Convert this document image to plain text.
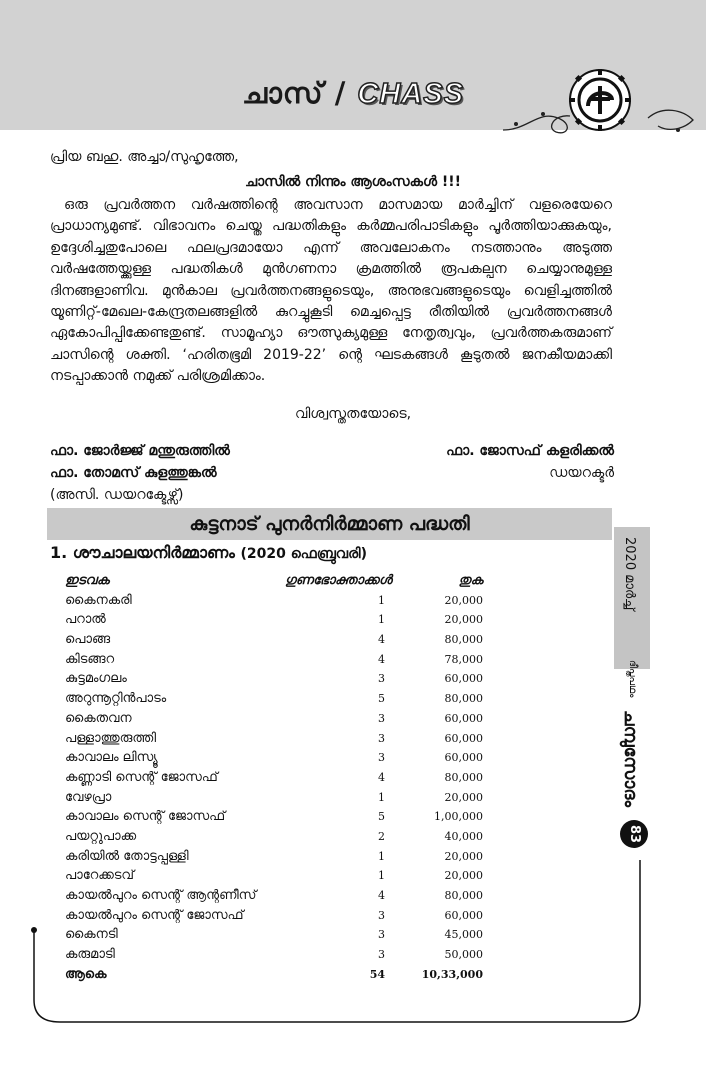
ചാസ് / CHASS
പ്രിയ ബഹു. അച്ചാ/സുഹൃത്തേ,
ചാസിൽ നിന്നും ആശംസകൾ !!!
ഒരു പ്രവർത്തന വർഷത്തിന്റെ അവസാന മാസമായ മാർച്ചിന് വളരെയേറെ പ്രാധാന്യമുണ്ട്. വിഭാവനം ചെയ്ത പദ്ധതികളും കർമ്മപരിപാടികളും പൂർത്തിയാക്കുകയും, ഉദ്ദേശിച്ചതുപോലെ ഫലപ്രദമായോ എന്ന് അവലോകനം നടത്താനും അടുത്ത വർഷത്തേയ്ക്കുള്ള പദ്ധതികൾ മുൻഗണനാ ക്രമത്തിൽ രൂപകല്പന ചെയ്യാനുമുള്ള ദിനങ്ങളാണിവ. മുൻകാല പ്രവർത്തനങ്ങളുടെയും, അനുഭവങ്ങളുടെയും വെളിച്ചത്തിൽ യൂണിറ്റ്-മേഖല-കേന്ദ്രതലങ്ങളിൽ കുറച്ചുകൂടി മെച്ചപ്പെട്ട രീതിയിൽ പ്രവർത്തനങ്ങൾ ഏകോപിപ്പിക്കേണ്ടതുണ്ട്. സാമൂഹ്യാ ഔത്സുക്യമുള്ള നേതൃത്വവും, പ്രവർത്തകരുമാണ് ചാസിന്റെ ശക്തി. ‘ഹരിതഭൂമി 2019-22’ ന്റെ ഘടകങ്ങൾ കൂടുതൽ ജനകീയമാക്കി നടപ്പാക്കാൻ നമുക്ക് പരിശ്രമിക്കാം.
വിശ്വസ്തതയോടെ,
ഫാ. ജോർജ്ജ് മന്തുരുത്തിൽ	ഫാ. ജോസഫ് കളരിക്കൽ
ഫാ. തോമസ് കുളത്തുങ്കൽ	ഡയറക്ടർ
(അസി. ഡയറക്ടേഴ്സ്)
കുട്ടനാട് പുനർനിർമ്മാണ പദ്ധതി
1. ശൗചാലയനിർമ്മാണം (2020 ഫെബ്രുവരി)
ഇടവക	ഗുണഭോക്താക്കൾ	തുക
കൈനകരി	1	20,000
പറാൽ	1	20,000
പൊങ്ങ	4	80,000
കിടങ്ങറ	4	78,000
കുട്ടമംഗലം	3	60,000
അറുന്നൂറ്റിൻപാടം	5	80,000
കൈതവന	3	60,000
പള്ളാത്തുരുത്തി	3	60,000
കാവാലം ലിസ്യൂ	3	60,000
കണ്ണാടി സെന്റ് ജോസഫ്	4	80,000
വേഴപ്രാ	1	20,000
കാവാലം സെന്റ് ജോസഫ്	5	1,00,000
പയറ്റുപാക്ക	2	40,000
കരിയിൽ തോട്ടപ്പള്ളി	1	20,000
പാറേക്കടവ്	1	20,000
കായൽപുറം സെന്റ് ആന്റണീസ്	4	80,000
കായൽപുറം സെന്റ് ജോസഫ്	3	60,000
കൈനടി	3	45,000
കരുമാടി	3	50,000
ആകെ	54	10,33,000
2020 മാർച്ച്
ദീപ്തപഥം
ചമ്പുസോദം
83
